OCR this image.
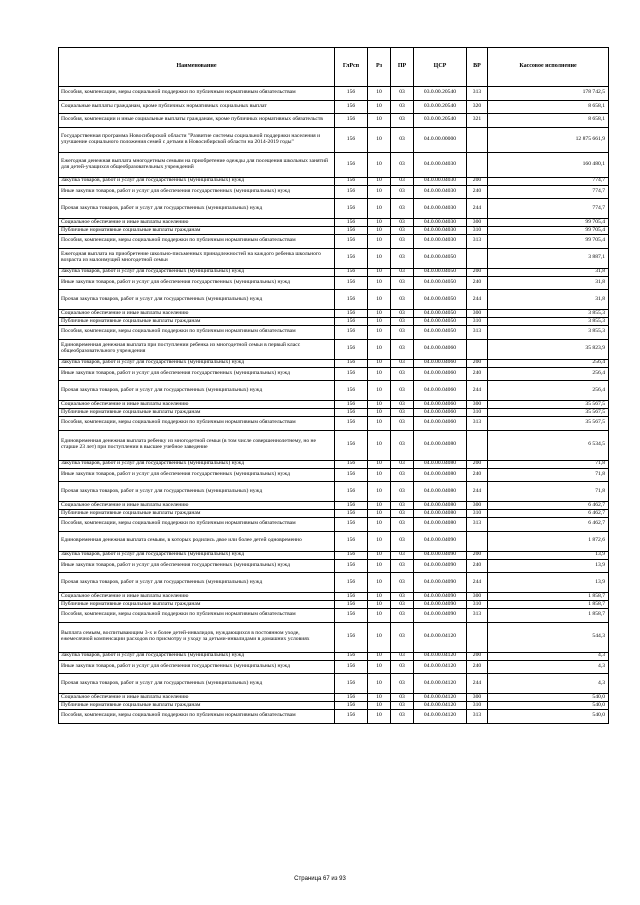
Наименование	ГлРсп	Рз	ПР	ЦСР	ВР	Кассовое исполнение
Пособия, компенсации, меры социальной поддержки по публичным нормативным обязательствам	156	10	03	03.0.00.20540	313	178 742,5
Социальные выплаты гражданам, кроме публичных нормативных социальных выплат	156	10	03	03.0.00.20540	320	8 658,1
Пособия, компенсации и иные социальные выплаты гражданам, кроме публичных нормативных обязательств	156	10	03	03.0.00.20540	321	8 658,1
Государственная программа Новосибирской области "Развитие системы социальной поддержки населения и улучшение социального положения семей с детьми в Новосибирской области на 2014-2019 годы"	156	10	03	04.0.00.00000		12 875 661,9
Ежегодная денежная выплата многодетным семьям на приобретение одежды для посещения школьных занятий для детей-учащихся общеобразовательных учреждений	156	10	03	04.0.00.04030		160 480,1
Закупка товаров, работ и услуг для государственных (муниципальных) нужд	156	10	03	04.0.00.04030	200	774,7
Иные закупки товаров, работ и услуг для обеспечения государственных (муниципальных) нужд	156	10	03	04.0.00.04030	240	774,7
Прочая закупка товаров, работ и услуг для государственных (муниципальных) нужд	156	10	03	04.0.00.04030	244	774,7
Социальное обеспечение и иные выплаты населению	156	10	03	04.0.00.04030	300	99 705,4
Публичные нормативные социальные выплаты гражданам	156	10	03	04.0.00.04030	310	99 705,4
Пособия, компенсации, меры социальной поддержки по публичным нормативным обязательствам	156	10	03	04.0.00.04030	313	99 705,4
Ежегодная выплата на приобретение школьно-письменных принадлежностей на каждого ребенка школьного возраста из малоимущей многодетной семьи	156	10	03	04.0.00.04050		3 887,1
Закупка товаров, работ и услуг для государственных (муниципальных) нужд	156	10	03	04.0.00.04050	200	31,8
Иные закупки товаров, работ и услуг для обеспечения государственных (муниципальных) нужд	156	10	03	04.0.00.04050	240	31,8
Прочая закупка товаров, работ и услуг для государственных (муниципальных) нужд	156	10	03	04.0.00.04050	244	31,8
Социальное обеспечение и иные выплаты населению	156	10	03	04.0.00.04050	300	3 855,3
Публичные нормативные социальные выплаты гражданам	156	10	03	04.0.00.04050	310	3 855,3
Пособия, компенсации, меры социальной поддержки по публичным нормативным обязательствам	156	10	03	04.0.00.04050	313	3 855,3
Единовременная денежная выплата при поступлении ребенка из многодетной семьи в первый класс общеобразовательного учреждения	156	10	03	04.0.00.04060		35 823,9
Закупка товаров, работ и услуг для государственных (муниципальных) нужд	156	10	03	04.0.00.04060	200	256,4
Иные закупки товаров, работ и услуг для обеспечения государственных (муниципальных) нужд	156	10	03	04.0.00.04060	240	256,4
Прочая закупка товаров, работ и услуг для государственных (муниципальных) нужд	156	10	03	04.0.00.04060	244	256,4
Социальное обеспечение и иные выплаты населению	156	10	03	04.0.00.04060	300	35 567,5
Публичные нормативные социальные выплаты гражданам	156	10	03	04.0.00.04060	310	35 567,5
Пособия, компенсации, меры социальной поддержки по публичным нормативным обязательствам	156	10	03	04.0.00.04060	313	35 567,5
Единовременная денежная выплата ребенку из многодетной семьи (в том числе совершеннолетнему, но не старше 23 лет) при поступлении в высшее учебное заведение	156	10	03	04.0.00.04080		6 534,5
Закупка товаров, работ и услуг для государственных (муниципальных) нужд	156	10	03	04.0.00.04080	200	71,8
Иные закупки товаров, работ и услуг для обеспечения государственных (муниципальных) нужд	156	10	03	04.0.00.04080	240	71,8
Прочая закупка товаров, работ и услуг для государственных (муниципальных) нужд	156	10	03	04.0.00.04080	244	71,8
Социальное обеспечение и иные выплаты населению	156	10	03	04.0.00.04080	300	6 462,7
Публичные нормативные социальные выплаты гражданам	156	10	03	04.0.00.04080	310	6 462,7
Пособия, компенсации, меры социальной поддержки по публичным нормативным обязательствам	156	10	03	04.0.00.04080	313	6 462,7
Единовременная денежная выплата семьям, в которых родились двое или более детей одновременно	156	10	03	04.0.00.04090		1 872,6
Закупка товаров, работ и услуг для государственных (муниципальных) нужд	156	10	03	04.0.00.04090	200	13,9
Иные закупки товаров, работ и услуг для обеспечения государственных (муниципальных) нужд	156	10	03	04.0.00.04090	240	13,9
Прочая закупка товаров, работ и услуг для государственных (муниципальных) нужд	156	10	03	04.0.00.04090	244	13,9
Социальное обеспечение и иные выплаты населению	156	10	03	04.0.00.04090	300	1 858,7
Публичные нормативные социальные выплаты гражданам	156	10	03	04.0.00.04090	310	1 858,7
Пособия, компенсации, меры социальной поддержки по публичным нормативным обязательствам	156	10	03	04.0.00.04090	313	1 858,7
Выплата семьям, воспитывающим 3-х и более детей-инвалидов, нуждающихся в постоянном уходе, ежемесячной компенсации расходов по присмотру и уходу за детьми-инвалидами в домашних условиях	156	10	03	04.0.00.04120		544,3
Закупка товаров, работ и услуг для государственных (муниципальных) нужд	156	10	03	04.0.00.04120	200	4,3
Иные закупки товаров, работ и услуг для обеспечения государственных (муниципальных) нужд	156	10	03	04.0.00.04120	240	4,3
Прочая закупка товаров, работ и услуг для государственных (муниципальных) нужд	156	10	03	04.0.00.04120	244	4,3
Социальное обеспечение и иные выплаты населению	156	10	03	04.0.00.04120	300	540,0
Публичные нормативные социальные выплаты гражданам	156	10	03	04.0.00.04120	310	540,0
Пособия, компенсации, меры социальной поддержки по публичным нормативным обязательствам	156	10	03	04.0.00.04120	313	540,0
Страница 67 из 93
